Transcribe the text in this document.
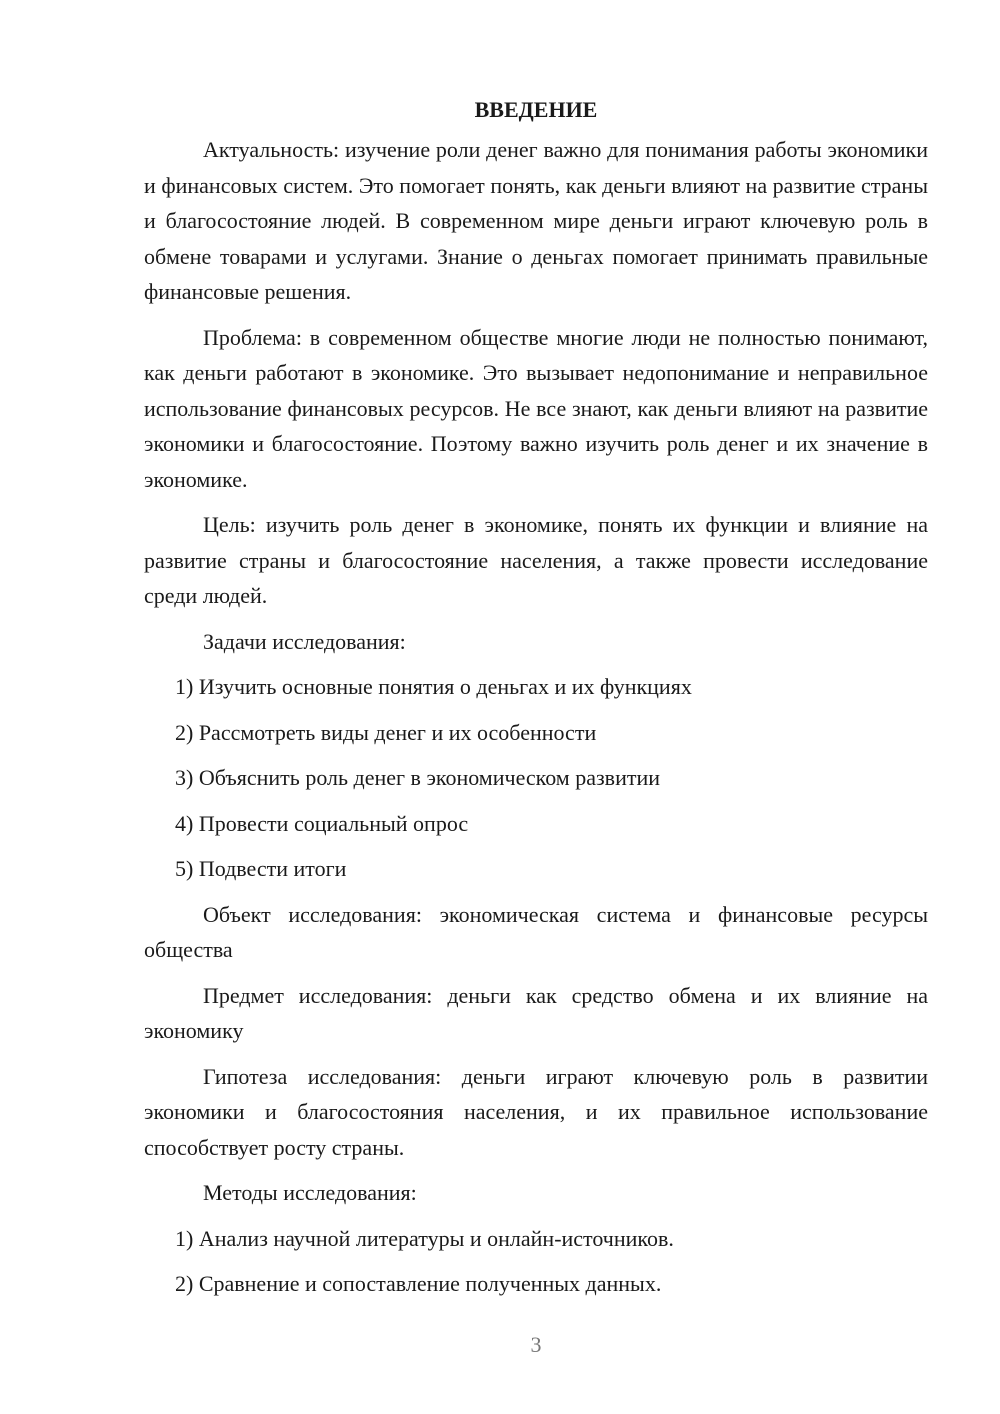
ВВЕДЕНИЕ

Актуальность: изучение роли денег важно для понимания работы экономики и финансовых систем. Это помогает понять, как деньги влияют на развитие страны и благосостояние людей. В современном мире деньги играют ключевую роль в обмене товарами и услугами. Знание о деньгах помогает принимать правильные финансовые решения.

Проблема: в современном обществе многие люди не полностью понимают, как деньги работают в экономике. Это вызывает недопонимание и неправильное использование финансовых ресурсов. Не все знают, как деньги влияют на развитие экономики и благосостояние. Поэтому важно изучить роль денег и их значение в экономике.

Цель: изучить роль денег в экономике, понять их функции и влияние на развитие страны и благосостояние населения, а также провести исследование среди людей.

Задачи исследования:

1) Изучить основные понятия о деньгах и их функциях
2) Рассмотреть виды денег и их особенности
3) Объяснить роль денег в экономическом развитии
4) Провести социальный опрос
5) Подвести итоги

Объект исследования: экономическая система и финансовые ресурсы общества

Предмет исследования: деньги как средство обмена и их влияние на экономику

Гипотеза исследования: деньги играют ключевую роль в развитии экономики и благосостояния населения, и их правильное использование способствует росту страны.

Методы исследования:

1) Анализ научной литературы и онлайн-источников.
2) Сравнение и сопоставление полученных данных.
3
